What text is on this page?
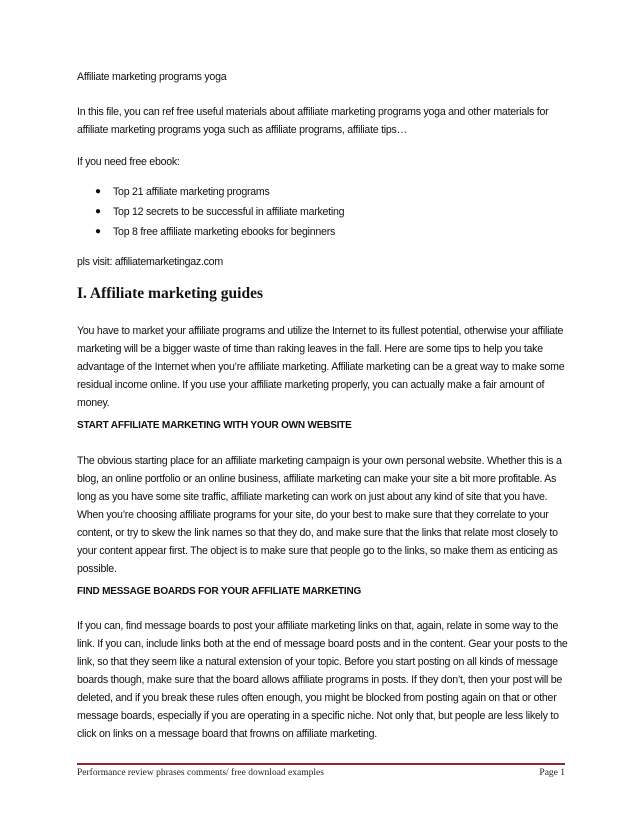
Affiliate marketing programs yoga

In this file, you can ref free useful materials about affiliate marketing programs yoga and other materials for affiliate marketing programs yoga such as affiliate programs, affiliate tips…

If you need free ebook:

● Top 21 affiliate marketing programs
● Top 12 secrets to be successful in affiliate marketing
● Top 8 free affiliate marketing ebooks for beginners

pls visit: affiliatemarketingaz.com

I. Affiliate marketing guides

You have to market your affiliate programs and utilize the Internet to its fullest potential, otherwise your affiliate marketing will be a bigger waste of time than raking leaves in the fall. Here are some tips to help you take advantage of the Internet when you’re affiliate marketing. Affiliate marketing can be a great way to make some residual income online. If you use your affiliate marketing properly, you can actually make a fair amount of money.

START AFFILIATE MARKETING WITH YOUR OWN WEBSITE

The obvious starting place for an affiliate marketing campaign is your own personal website. Whether this is a blog, an online portfolio or an online business, affiliate marketing can make your site a bit more profitable. As long as you have some site traffic, affiliate marketing can work on just about any kind of site that you have. When you’re choosing affiliate programs for your site, do your best to make sure that they correlate to your content, or try to skew the link names so that they do, and make sure that the links that relate most closely to your content appear first. The object is to make sure that people go to the links, so make them as enticing as possible.

FIND MESSAGE BOARDS FOR YOUR AFFILIATE MARKETING

If you can, find message boards to post your affiliate marketing links on that, again, relate in some way to the link. If you can, include links both at the end of message board posts and in the content. Gear your posts to the link, so that they seem like a natural extension of your topic. Before you start posting on all kinds of message boards though, make sure that the board allows affiliate programs in posts. If they don’t, then your post will be deleted, and if you break these rules often enough, you might be blocked from posting again on that or other message boards, especially if you are operating in a specific niche. Not only that, but people are less likely to click on links on a message board that frowns on affiliate marketing.

Performance review phrases comments/ free download examples	Page 1
